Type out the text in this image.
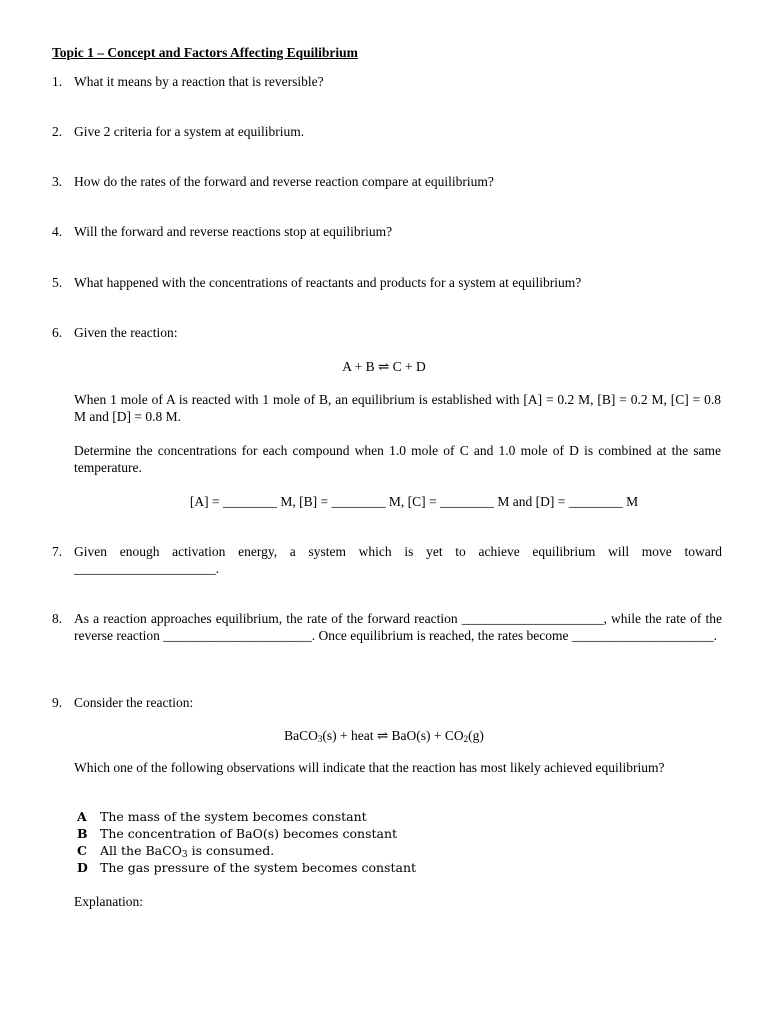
Topic 1 – Concept and Factors Affecting Equilibrium
1. What it means by a reaction that is reversible?
2. Give 2 criteria for a system at equilibrium.
3. How do the rates of the forward and reverse reaction compare at equilibrium?
4. Will the forward and reverse reactions stop at equilibrium?
5. What happened with the concentrations of reactants and products for a system at equilibrium?
6. Given the reaction:
A + B ⇌ C + D
When 1 mole of A is reacted with 1 mole of B, an equilibrium is established with [A] = 0.2 M, [B] = 0.2 M, [C] = 0.8 M and [D] = 0.8 M.
Determine the concentrations for each compound when 1.0 mole of C and 1.0 mole of D is combined at the same temperature.
[A] = ________ M, [B] = ________ M, [C] = ________ M and [D] = ________ M
7. Given enough activation energy, a system which is yet to achieve equilibrium will move toward _____________________.
8. As a reaction approaches equilibrium, the rate of the forward reaction _____________________, while the rate of the reverse reaction ______________________. Once equilibrium is reached, the rates become _____________________.
9. Consider the reaction:
BaCO$_3$(s) + heat ⇌ $BaO(s) + CO_2(g)$
Which one of the following observations will indicate that the reaction has most likely achieved equilibrium?
A The mass of the system becomes constant
B The concentration of BaO(s) becomes constant
C All the BaCO$_3$ is consumed.
D The gas pressure of the system becomes constant
Explanation:
